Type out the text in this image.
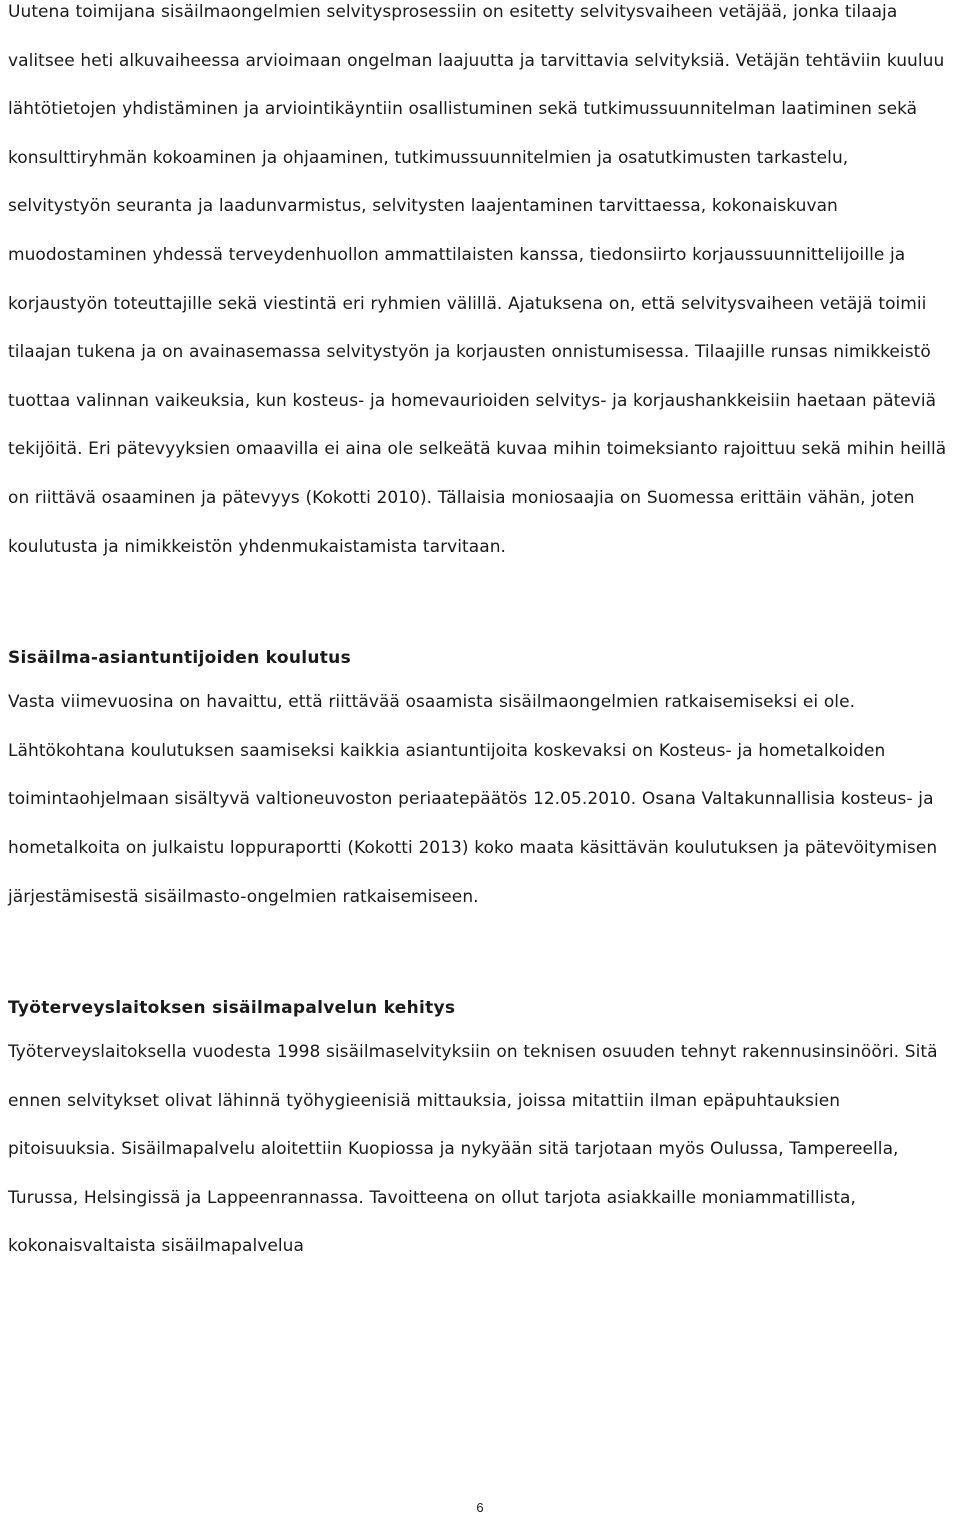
Uutena toimijana sisäilmaongelmien selvitysprosessiin on esitetty selvitysvaiheen vetäjää, jonka tilaaja valitsee heti alkuvaiheessa arvioimaan ongelman laajuutta ja tarvittavia selvityksiä. Vetäjän tehtäviin kuuluu lähtötietojen yhdistäminen ja arviointikäyntiin osallistuminen sekä tutkimussuunnitelman laatiminen sekä konsulttiryhmän kokoaminen ja ohjaaminen, tutkimussuunnitelmien ja osatutkimusten tarkastelu, selvitystyön seuranta ja laadunvarmistus, selvitysten laajentaminen tarvittaessa, kokonaiskuvan muodostaminen yhdessä terveydenhuollon ammattilaisten kanssa, tiedonsiirto korjaussuunnittelijoille ja korjaustyön toteuttajille sekä viestintä eri ryhmien välillä. Ajatuksena on, että selvitysvaiheen vetäjä toimii tilaajan tukena ja on avainasemassa selvitystyön ja korjausten onnistumisessa. Tilaajille runsas nimikkeistö tuottaa valinnan vaikeuksia, kun kosteus- ja homevaurioiden selvitys- ja korjaushankkeisiin haetaan päteviä tekijöitä. Eri pätevyyksien omaavilla ei aina ole selkeätä kuvaa mihin toimeksianto rajoittuu sekä mihin heillä on riittävä osaaminen ja pätevyys (Kokotti 2010). Tällaisia moniosaajia on Suomessa erittäin vähän, joten koulutusta ja nimikkeistön yhdenmukaistamista tarvitaan.

Sisäilma-asiantuntijoiden koulutus

Vasta viimevuosina on havaittu, että riittävää osaamista sisäilmaongelmien ratkaisemiseksi ei ole. Lähtökohtana koulutuksen saamiseksi kaikkia asiantuntijoita koskevaksi on Kosteus- ja hometalkoiden toimintaohjelmaan sisältyvä valtioneuvoston periaatepäätös 12.05.2010. Osana Valtakunnallisia kosteus- ja hometalkoita on julkaistu loppuraportti (Kokotti 2013) koko maata käsittävän koulutuksen ja pätevöitymisen järjestämisestä sisäilmasto-ongelmien ratkaisemiseen.

Työterveyslaitoksen sisäilmapalvelun kehitys

Työterveyslaitoksella vuodesta 1998 sisäilmaselvityksiin on teknisen osuuden tehnyt rakennusinsinööri. Sitä ennen selvitykset olivat lähinnä työhygieenisiä mittauksia, joissa mitattiin ilman epäpuhtauksien pitoisuuksia. Sisäilmapalvelu aloitettiin Kuopiossa ja nykyään sitä tarjotaan myös Oulussa, Tampereella, Turussa, Helsingissä ja Lappeenrannassa. Tavoitteena on ollut tarjota asiakkaille moniammatillista, kokonaisvaltaista sisäilmapalvelua

6
